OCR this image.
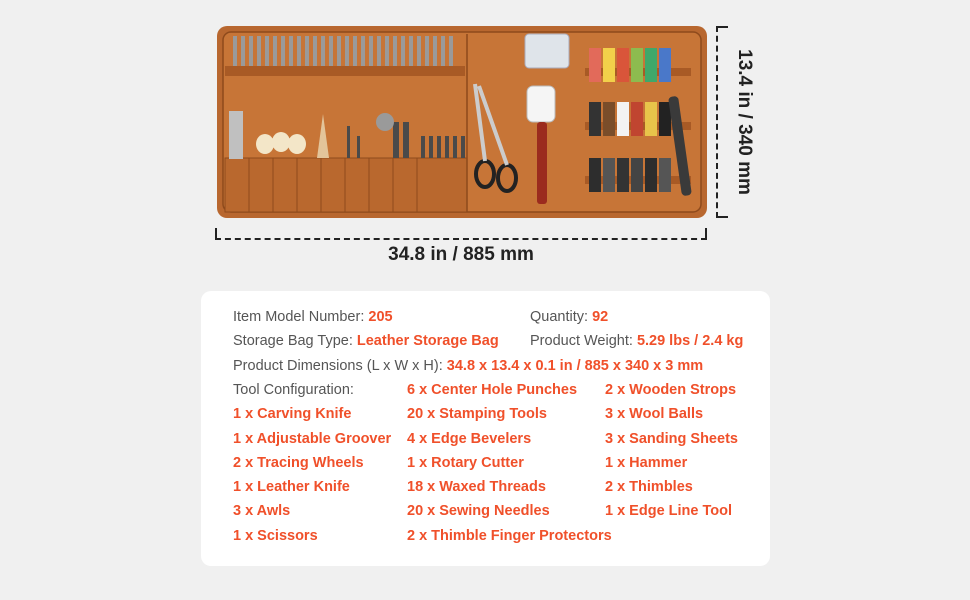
34.8 in / 885 mm
13.4 in / 340 mm
Item Model Number: 205	Quantity: 92
Storage Bag Type: Leather Storage Bag Product Weight: 5.29 lbs / 2.4 kg
Product Dimensions (L x W x H): 34.8 x 13.4 x 0.1 in / 885 x 340 x 3 mm
Tool Configuration:
1 x Carving Knife
1 x Adjustable Groover
2 x Tracing Wheels
1 x Leather Knife
3 x Awls
1 x Scissors
6 x Center Hole Punches
20 x Stamping Tools
4 x Edge Bevelers
1 x Rotary Cutter
18 x Waxed Threads
20 x Sewing Needles
2 x Thimble Finger Protectors
2 x Wooden Strops
3 x Wool Balls
3 x Sanding Sheets
1 x Hammer
2 x Thimbles
1 x Edge Line Tool
